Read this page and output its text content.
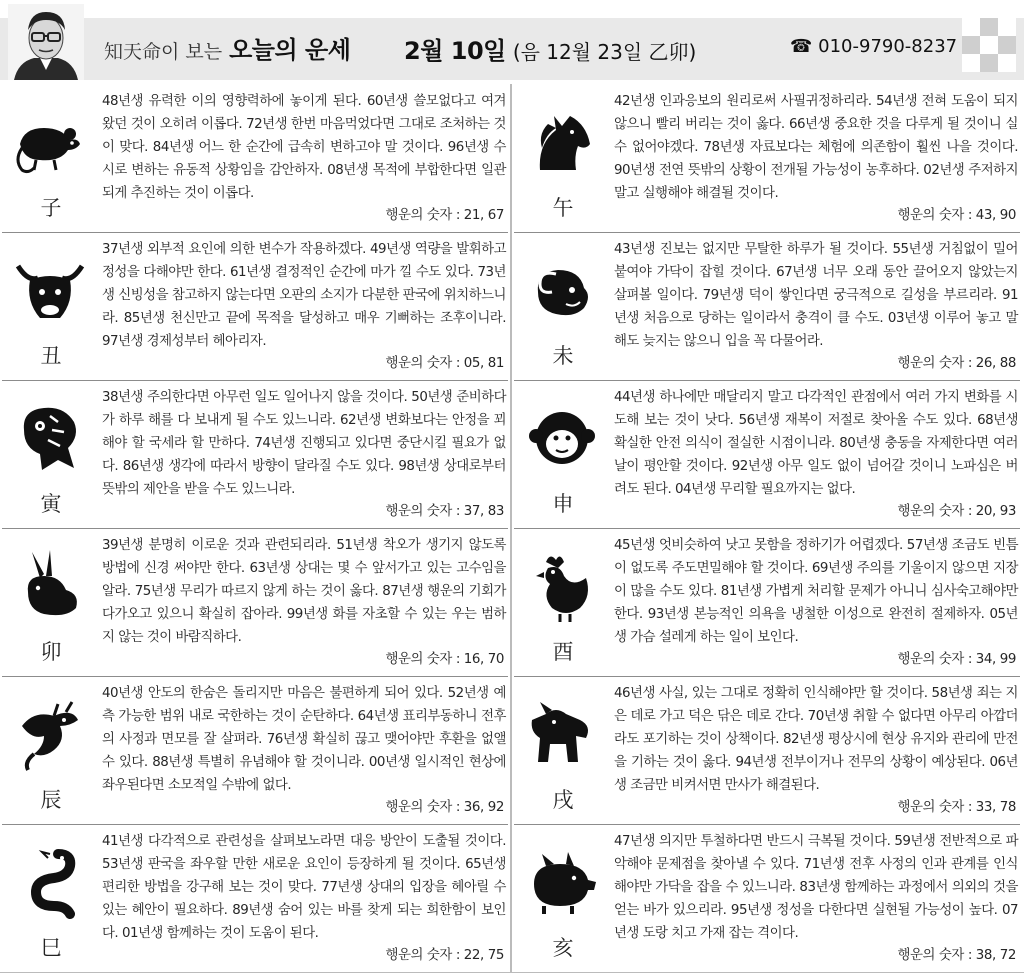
知天命이 보는 오늘의 운세 2월 10일 (음 12월 23일 乙卯)	☎ 010-9790-8237
子
48년생 유력한 이의 영향력하에 놓이게 된다. 60년생 쓸모없다고 여겨 왔던 것이 오히려 이롭다. 72년생 한번 마음먹었다면 그대로 조처하는 것이 맞다. 84년생 어느 한 순간에 급속히 변하고야 말 것이다. 96년생 수시로 변하는 유동적 상황임을 감안하자. 08년생 목적에 부합한다면 일관되게 추진하는 것이 이롭다.
행운의 숫자 : 21, 67	午
42년생 인과응보의 원리로써 사필귀정하리라. 54년생 전혀 도움이 되지 않으니 빨리 버리는 것이 옳다. 66년생 중요한 것을 다루게 될 것이니 실수 없어야겠다. 78년생 자료보다는 체험에 의존함이 훨씬 나을 것이다. 90년생 전연 뜻밖의 상황이 전개될 가능성이 농후하다. 02년생 주저하지 말고 실행해야 해결될 것이다.
행운의 숫자 : 43, 90
丑
37년생 외부적 요인에 의한 변수가 작용하겠다. 49년생 역량을 발휘하고 정성을 다해야만 한다. 61년생 결정적인 순간에 마가 낄 수도 있다. 73년생 신빙성을 참고하지 않는다면 오판의 소지가 다분한 판국에 위치하느니라. 85년생 천신만고 끝에 목적을 달성하고 매우 기뻐하는 조후이니라. 97년생 경제성부터 헤아리자.
행운의 숫자 : 05, 81	未
43년생 진보는 없지만 무탈한 하루가 될 것이다. 55년생 거침없이 밀어붙여야 가닥이 잡힐 것이다. 67년생 너무 오래 동안 끌어오지 않았는지 살펴볼 일이다. 79년생 덕이 쌓인다면 궁극적으로 길성을 부르리라. 91년생 처음으로 당하는 일이라서 충격이 클 수도. 03년생 이루어 놓고 말해도 늦지는 않으니 입을 꼭 다물어라.
행운의 숫자 : 26, 88
寅
38년생 주의한다면 아무런 일도 일어나지 않을 것이다. 50년생 준비하다가 하루 해를 다 보내게 될 수도 있느니라. 62년생 변화보다는 안정을 꾀해야 할 국세라 할 만하다. 74년생 진행되고 있다면 중단시킬 필요가 없다. 86년생 생각에 따라서 방향이 달라질 수도 있다. 98년생 상대로부터 뜻밖의 제안을 받을 수도 있느니라.
행운의 숫자 : 37, 83	申
44년생 하나에만 매달리지 말고 다각적인 관점에서 여러 가지 변화를 시도해 보는 것이 낫다. 56년생 재복이 저절로 찾아올 수도 있다. 68년생 확실한 안전 의식이 절실한 시점이니라. 80년생 충동을 자제한다면 여러 날이 평안할 것이다. 92년생 아무 일도 없이 넘어갈 것이니 노파심은 버려도 된다. 04년생 무리할 필요까지는 없다.
행운의 숫자 : 20, 93
卯
39년생 분명히 이로운 것과 관련되리라. 51년생 착오가 생기지 않도록 방법에 신경 써야만 한다. 63년생 상대는 몇 수 앞서가고 있는 고수임을 알라. 75년생 무리가 따르지 않게 하는 것이 옳다. 87년생 행운의 기회가 다가오고 있으니 확실히 잡아라. 99년생 화를 자초할 수 있는 우는 범하지 않는 것이 바람직하다.
행운의 숫자 : 16, 70	酉
45년생 엇비슷하여 낫고 못함을 정하기가 어렵겠다. 57년생 조금도 빈틈이 없도록 주도면밀해야 할 것이다. 69년생 주의를 기울이지 않으면 지장이 많을 수도 있다. 81년생 가볍게 처리할 문제가 아니니 심사숙고해야만 한다. 93년생 본능적인 의욕을 냉철한 이성으로 완전히 절제하자. 05년생 가슴 설레게 하는 일이 보인다.
행운의 숫자 : 34, 99
辰
40년생 안도의 한숨은 돌리지만 마음은 불편하게 되어 있다. 52년생 예측 가능한 범위 내로 국한하는 것이 순탄하다. 64년생 표리부동하니 전후의 사정과 면모를 잘 살펴라. 76년생 확실히 끊고 맺어야만 후환을 없앨 수 있다. 88년생 특별히 유념해야 할 것이니라. 00년생 일시적인 현상에 좌우된다면 소모적일 수밖에 없다.
행운의 숫자 : 36, 92	戌
46년생 사실, 있는 그대로 정확히 인식해야만 할 것이다. 58년생 죄는 지은 데로 가고 덕은 닦은 데로 간다. 70년생 취할 수 없다면 아무리 아깝더라도 포기하는 것이 상책이다. 82년생 평상시에 현상 유지와 관리에 만전을 기하는 것이 옳다. 94년생 전부이거나 전무의 상황이 예상된다. 06년생 조금만 비켜서면 만사가 해결된다.
행운의 숫자 : 33, 78
巳
41년생 다각적으로 관련성을 살펴보노라면 대응 방안이 도출될 것이다. 53년생 판국을 좌우할 만한 새로운 요인이 등장하게 될 것이다. 65년생 편리한 방법을 강구해 보는 것이 맞다. 77년생 상대의 입장을 헤아릴 수 있는 혜안이 필요하다. 89년생 숨어 있는 바를 찾게 되는 희한함이 보인다. 01년생 함께하는 것이 도움이 된다.
행운의 숫자 : 22, 75	亥
47년생 의지만 투철하다면 반드시 극복될 것이다. 59년생 전반적으로 파악해야 문제점을 찾아낼 수 있다. 71년생 전후 사정의 인과 관계를 인식해야만 가닥을 잡을 수 있느니라. 83년생 함께하는 과정에서 의외의 것을 얻는 바가 있으리라. 95년생 정성을 다한다면 실현될 가능성이 높다. 07년생 도랑 치고 가재 잡는 격이다.
행운의 숫자 : 38, 72
